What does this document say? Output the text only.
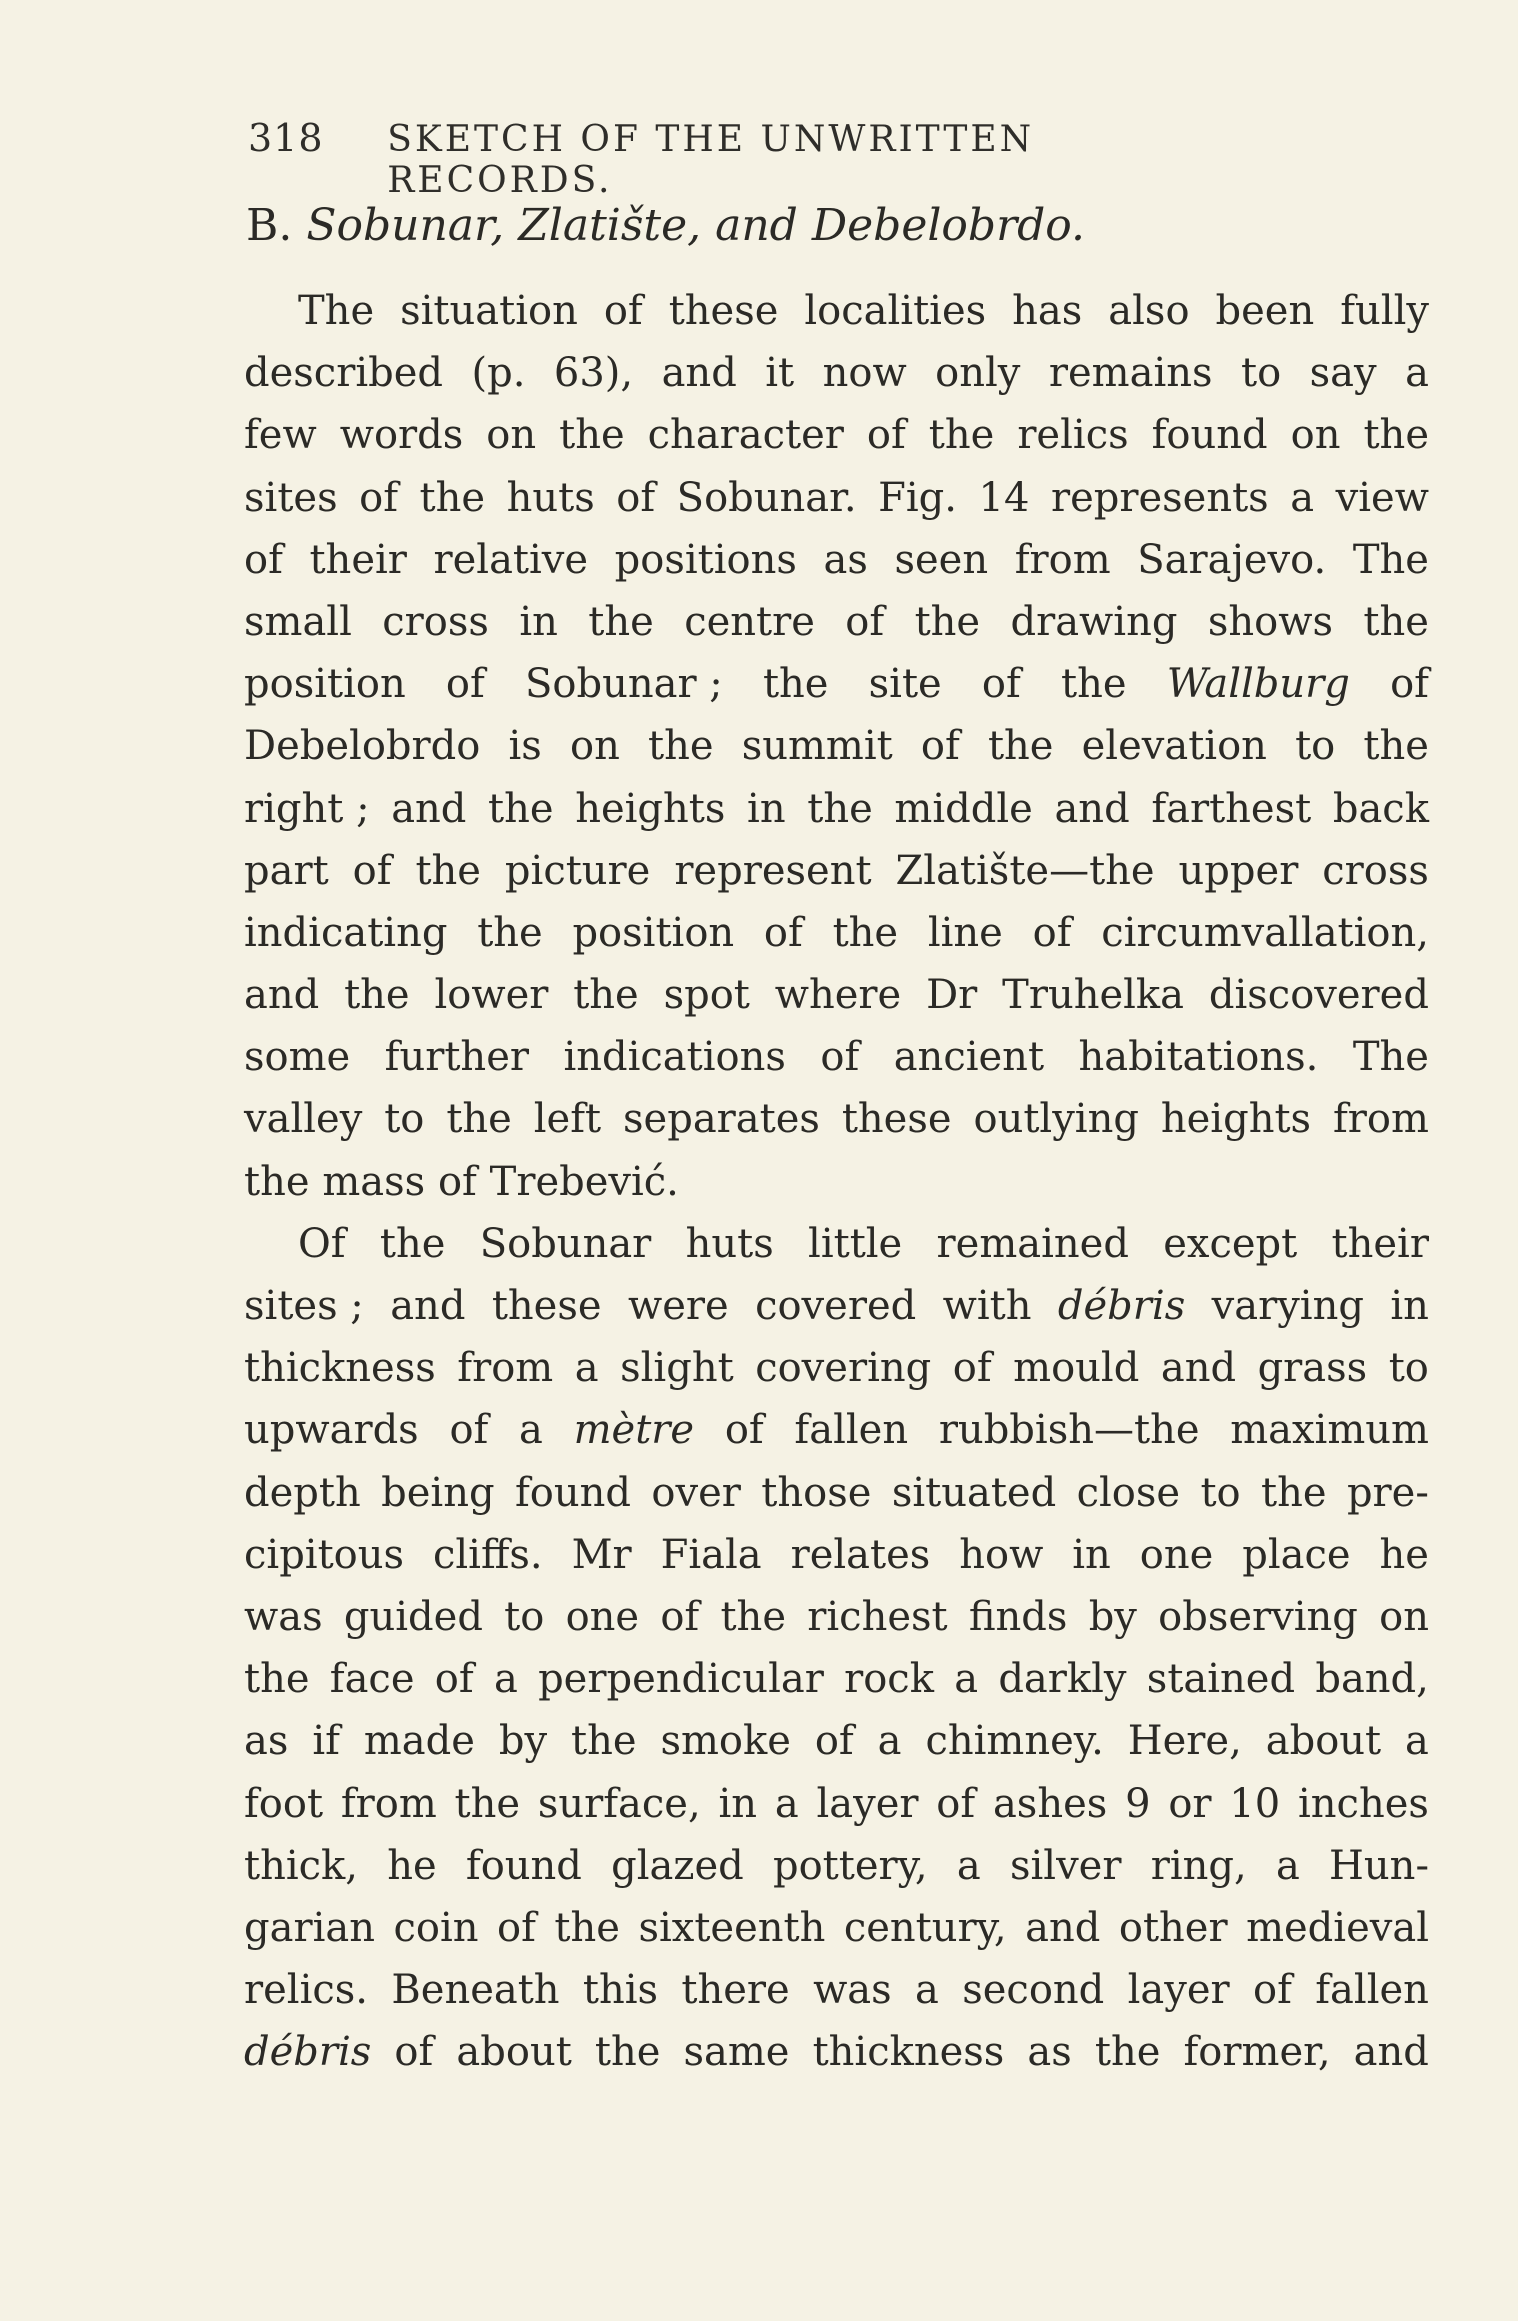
318	SKETCH OF THE UNWRITTEN RECORDS.
B. Sobunar, Zlatište, and Debelobrdo.
The situation of these localities has also been fully
described (p. 63), and it now only remains to say a
few words on the character of the relics found on the
sites of the huts of Sobunar. Fig. 14 represents a view
of their relative positions as seen from Sarajevo. The
small cross in the centre of the drawing shows the
position of Sobunar ; the site of the Wallburg of
Debelobrdo is on the summit of the elevation to the
right ; and the heights in the middle and farthest back
part of the picture represent Zlatište—the upper cross
indicating the position of the line of circumvallation,
and the lower the spot where Dr Truhelka discovered
some further indications of ancient habitations. The
valley to the left separates these outlying heights from
the mass of Trebević.
Of the Sobunar huts little remained except their
sites ; and these were covered with débris varying in
thickness from a slight covering of mould and grass to
upwards of a mètre of fallen rubbish—the maximum
depth being found over those situated close to the pre-
cipitous cliffs. Mr Fiala relates how in one place he
was guided to one of the richest finds by observing on
the face of a perpendicular rock a darkly stained band,
as if made by the smoke of a chimney. Here, about a
foot from the surface, in a layer of ashes 9 or 10 inches
thick, he found glazed pottery, a silver ring, a Hun-
garian coin of the sixteenth century, and other medieval
relics. Beneath this there was a second layer of fallen
débris of about the same thickness as the former, and
